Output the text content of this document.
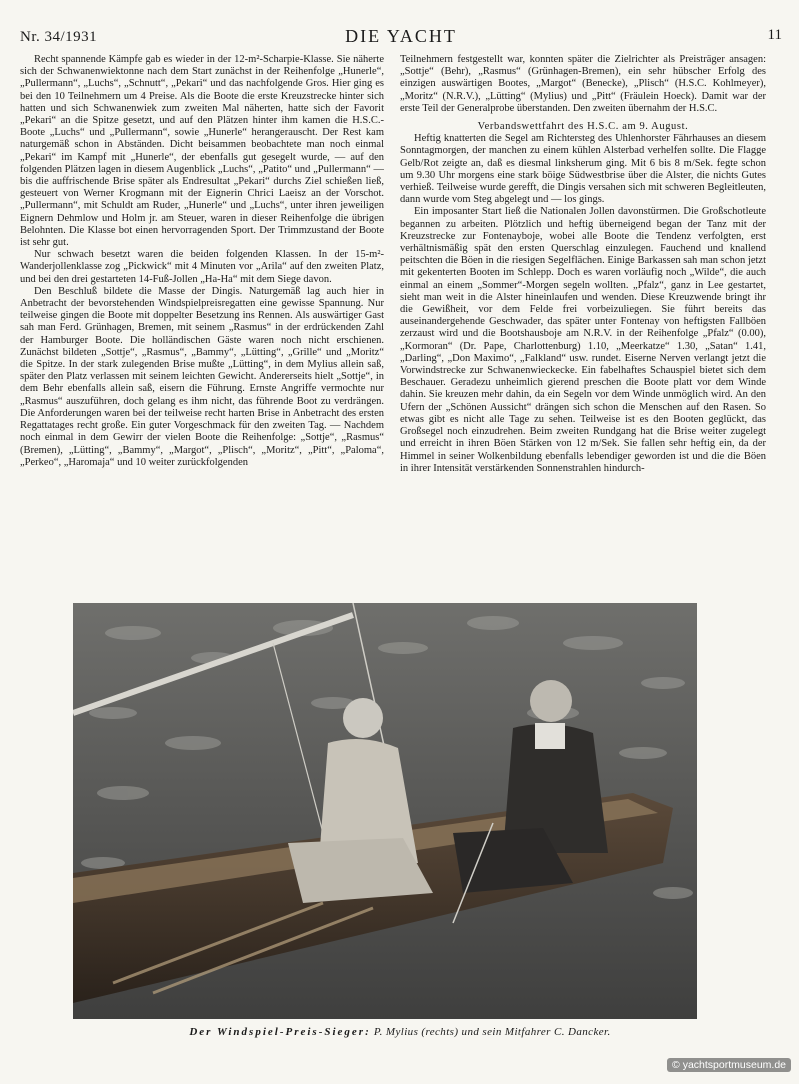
Nr. 34/1931	DIE YACHT	11

Recht spannende Kämpfe gab es wieder in der 12-m²-Scharpie-Klasse. Sie näherte sich der Schwanenwiektonne nach dem Start zunächst in der Reihenfolge „Hunerle“, „Pullermann“, „Luchs“, „Schnutt“, „Pekari“ und das nachfolgende Gros. Hier ging es bei den 10 Teilnehmern um 4 Preise. Als die Boote die erste Kreuzstrecke hinter sich hatten und sich Schwanenwiek zum zweiten Mal näherten, hatte sich der Favorit „Pekari“ an die Spitze gesetzt, und auf den Plätzen hinter ihm kamen die H.S.C.-Boote „Luchs“ und „Pullermann“, sowie „Hunerle“ herangerauscht. Der Rest kam naturgemäß schon in Abständen. Dicht beisammen beobachtete man noch einmal „Pekari“ im Kampf mit „Hunerle“, der ebenfalls gut gesegelt wurde, — auf den folgenden Plätzen lagen in diesem Augenblick „Luchs“, „Patito“ und „Pullermann“ — bis die auffrischende Brise später als Endresultat „Pekari“ durchs Ziel schießen ließ, gesteuert von Werner Krogmann mit der Eignerin Chrici Laeisz an der Vorschot. „Pullermann“, mit Schuldt am Ruder, „Hunerle“ und „Luchs“, unter ihren jeweiligen Eignern Dehmlow und Holm jr. am Steuer, waren in dieser Reihenfolge die übrigen Belohnten. Die Klasse bot einen hervorragenden Sport. Der Trimmzustand der Boote ist sehr gut.

Nur schwach besetzt waren die beiden folgenden Klassen. In der 15-m²-Wanderjollenklasse zog „Pickwick“ mit 4 Minuten vor „Arila“ auf den zweiten Platz, und bei den drei gestarteten 14-Fuß-Jollen „Ha-Ha“ mit dem Siege davon.

Den Beschluß bildete die Masse der Dingis. Naturgemäß lag auch hier in Anbetracht der bevorstehenden Windspielpreisregatten eine gewisse Spannung. Nur teilweise gingen die Boote mit doppelter Besetzung ins Rennen. Als auswärtiger Gast sah man Ferd. Grünhagen, Bremen, mit seinem „Rasmus“ in der erdrückenden Zahl der Hamburger Boote. Die holländischen Gäste waren noch nicht erschienen. Zunächst bildeten „Sottje“, „Rasmus“, „Bammy“, „Lütting“, „Grille“ und „Moritz“ die Spitze. In der stark zulegenden Brise mußte „Lütting“, in dem Mylius allein saß, später den Platz verlassen mit seinem leichten Gewicht. Andererseits hielt „Sottje“, in dem Behr ebenfalls allein saß, eisern die Führung. Ernste Angriffe vermochte nur „Rasmus“ auszuführen, doch gelang es ihm nicht, das führende Boot zu verdrängen. Die Anforderungen waren bei der teilweise recht harten Brise in Anbetracht des ersten Regattatages recht große. Ein guter Vorgeschmack für den zweiten Tag. — Nachdem noch einmal in dem Gewirr der vielen Boote die Reihenfolge: „Sottje“, „Rasmus“ (Bremen), „Lütting“, „Bammy“, „Margot“, „Plisch“, „Moritz“, „Pitt“, „Paloma“, „Perkeo“, „Haromaja“ und 10 weiter zurückfolgenden

Teilnehmern festgestellt war, konnten später die Zielrichter als Preisträger ansagen: „Sottje“ (Behr), „Rasmus“ (Grünhagen-Bremen), ein sehr hübscher Erfolg des einzigen auswärtigen Bootes, „Margot“ (Benecke), „Plisch“ (H.S.C. Kohlmeyer), „Moritz“ (N.R.V.), „Lütting“ (Mylius) und „Pitt“ (Fräulein Hoeck). Damit war der erste Teil der Generalprobe überstanden. Den zweiten übernahm der H.S.C.

Verbandswettfahrt des H.S.C. am 9. August.

Heftig knatterten die Segel am Richtersteg des Uhlenhorster Fährhauses an diesem Sonntagmorgen, der manchen zu einem kühlen Alsterbad verhelfen sollte. Die Flagge Gelb/Rot zeigte an, daß es diesmal linksherum ging. Mit 6 bis 8 m/Sek. fegte schon um 9.30 Uhr morgens eine stark böige Südwestbrise über die Alster, die nichts Gutes verhieß. Teilweise wurde gerefft, die Dingis versahen sich mit schweren Begleitleuten, dann wurde vom Steg abgelegt und — los gings.

Ein imposanter Start ließ die Nationalen Jollen davonstürmen. Die Großschotleute begannen zu arbeiten. Plötzlich und heftig überneigend began der Tanz mit der Kreuzstrecke zur Fontenayboje, wobei alle Boote die Tendenz verfolgten, erst verhältnismäßig spät den ersten Querschlag einzulegen. Fauchend und knallend peitschten die Böen in die riesigen Segelflächen. Einige Barkassen sah man schon jetzt mit gekenterten Booten im Schlepp. Doch es waren vorläufig noch „Wilde“, die auch einmal an einem „Sommer“-Morgen segeln wollten. „Pfalz“, ganz in Lee gestartet, sieht man weit in die Alster hineinlaufen und wenden. Diese Kreuzwende bringt ihr die Gewißheit, vor dem Felde frei vorbeizuliegen. Sie führt bereits das auseinandergehende Geschwader, das später unter Fontenay von heftigsten Fallböen zerzaust wird und die Bootshausboje am N.R.V. in der Reihenfolge „Pfalz“ (0.00), „Kormoran“ (Dr. Pape, Charlottenburg) 1.10, „Meerkatze“ 1.30, „Satan“ 1.41, „Darling“, „Don Maximo“, „Falkland“ usw. rundet. Eiserne Nerven verlangt jetzt die Vorwindstrecke zur Schwanenwieckecke. Ein fabelhaftes Schauspiel bietet sich dem Beschauer. Geradezu unheimlich gierend preschen die Boote platt vor dem Winde dahin. Sie kreuzen mehr dahin, da ein Segeln vor dem Winde unmöglich wird. An den Ufern der „Schönen Aussicht“ drängen sich schon die Menschen auf den Rasen. So etwas gibt es nicht alle Tage zu sehen. Teilweise ist es den Booten geglückt, das Großsegel noch einzudrehen. Beim zweiten Rundgang hat die Brise weiter zugelegt und erreicht in ihren Böen Stärken von 12 m/Sek. Sie fallen sehr heftig ein, da der Himmel in seiner Wolkenbildung ebenfalls lebendiger geworden ist und die die Böen in ihrer Intensität verstärkenden Sonnenstrahlen hindurch-

Der Windspiel-Preis-Sieger: P. Mylius (rechts) und sein Mitfahrer C. Dancker.
© yachtsportmuseum.de
